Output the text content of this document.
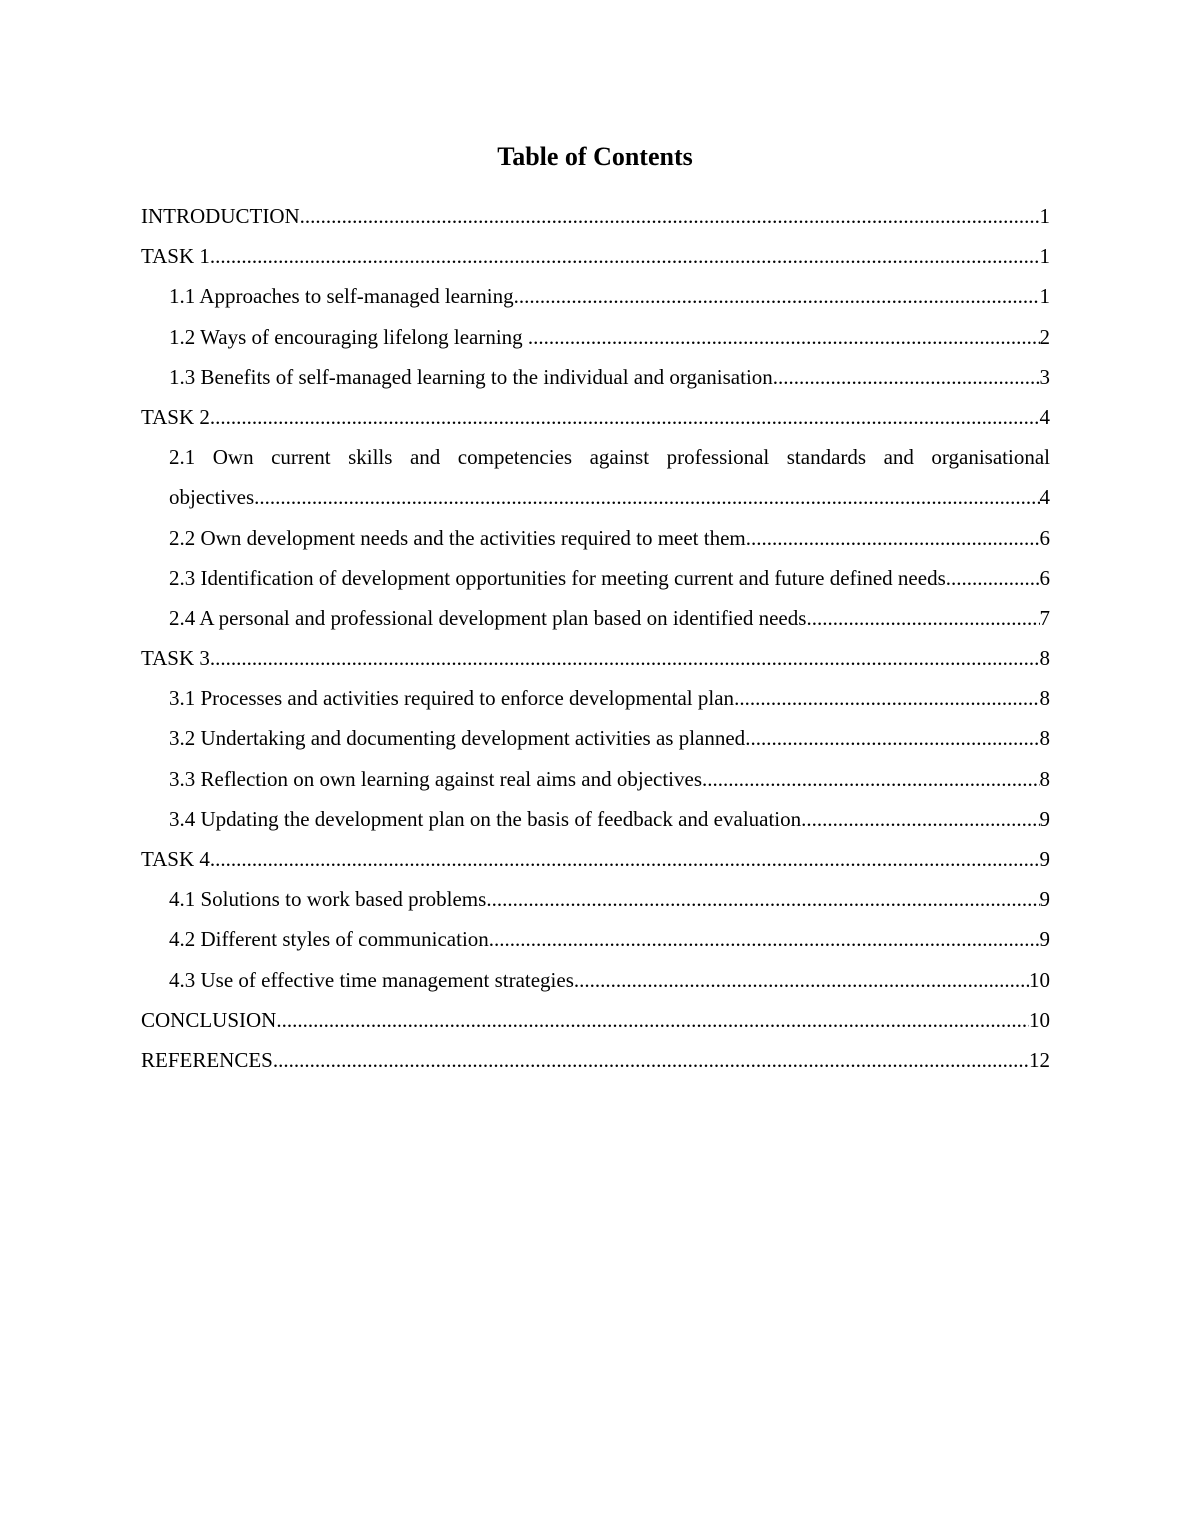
Table of Contents
INTRODUCTION .....	1
TASK 1 .....	1
1.1 Approaches to self-managed learning .....	1
1.2 Ways of encouraging lifelong learning .....	2
1.3 Benefits of self-managed learning to the individual and organisation .....	3
TASK 2 .....	4
2.1 Own current skills and competencies against professional standards and organisational
objectives .....	4
2.2 Own development needs and the activities required to meet them .....	6
2.3 Identification of development opportunities for meeting current and future defined needs .....	6
2.4 A personal and professional development plan based on identified needs .....	7
TASK 3 .....	8
3.1 Processes and activities required to enforce developmental plan .....	8
3.2 Undertaking and documenting development activities as planned .....	8
3.3 Reflection on own learning against real aims and objectives .....	8
3.4 Updating the development plan on the basis of feedback and evaluation .....	9
TASK 4 .....	9
4.1 Solutions to work based problems .....	9
4.2 Different styles of communication .....	9
4.3 Use of effective time management strategies .....	10
CONCLUSION .....	10
REFERENCES .....	12
